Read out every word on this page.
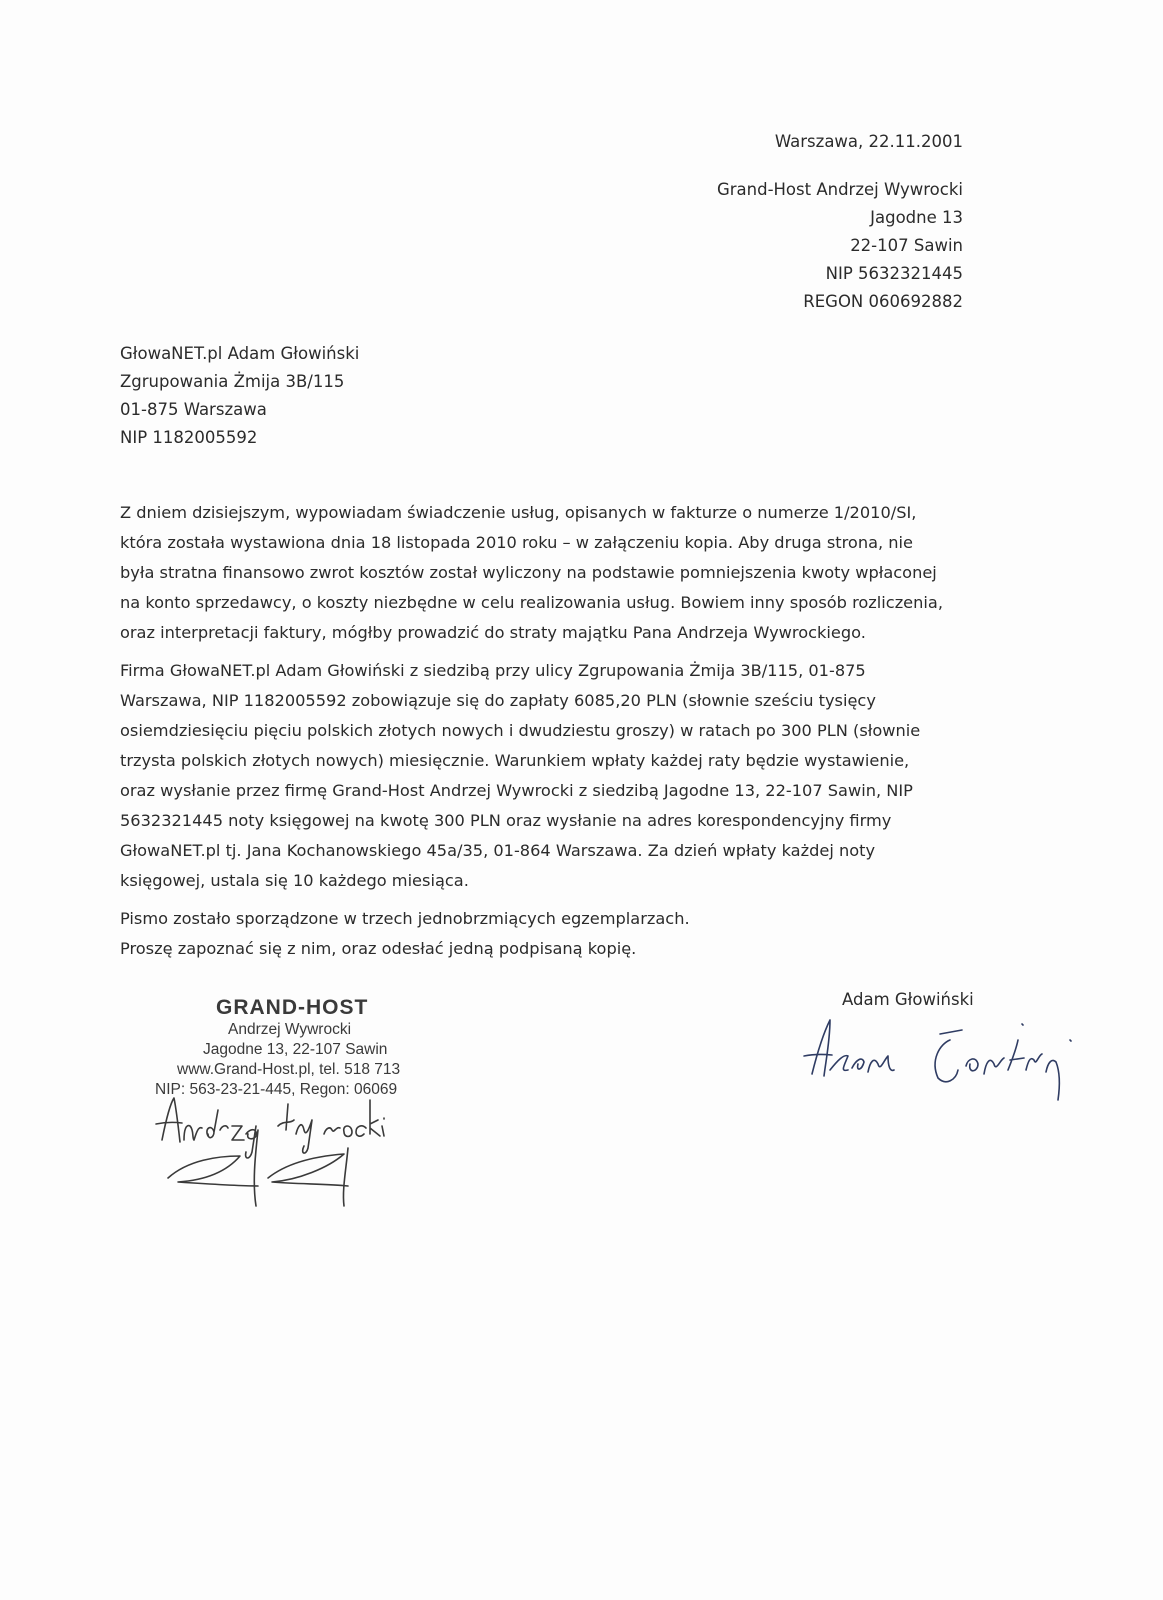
Warszawa, 22.11.2001
Grand-Host Andrzej Wywrocki
Jagodne 13
22-107 Sawin
NIP 5632321445
REGON 060692882
GłowaNET.pl Adam Głowiński
Zgrupowania Żmija 3B/115
01-875 Warszawa
NIP 1182005592
Z dniem dzisiejszym, wypowiadam świadczenie usług, opisanych w fakturze o numerze 1/2010/SI,
która została wystawiona dnia 18 listopada 2010 roku – w załączeniu kopia. Aby druga strona, nie
była stratna finansowo zwrot kosztów został wyliczony na podstawie pomniejszenia kwoty wpłaconej
na konto sprzedawcy, o koszty niezbędne w celu realizowania usług. Bowiem inny sposób rozliczenia,
oraz interpretacji faktury, mógłby prowadzić do straty majątku Pana Andrzeja Wywrockiego.
Firma GłowaNET.pl Adam Głowiński z siedzibą przy ulicy Zgrupowania Żmija 3B/115, 01-875
Warszawa, NIP 1182005592 zobowiązuje się do zapłaty 6085,20 PLN (słownie sześciu tysięcy
osiemdziesięciu pięciu polskich złotych nowych i dwudziestu groszy) w ratach po 300 PLN (słownie
trzysta polskich złotych nowych) miesięcznie. Warunkiem wpłaty każdej raty będzie wystawienie,
oraz wysłanie przez firmę Grand-Host Andrzej Wywrocki z siedzibą Jagodne 13, 22-107 Sawin, NIP
5632321445 noty księgowej na kwotę 300 PLN oraz wysłanie na adres korespondencyjny firmy
GłowaNET.pl tj. Jana Kochanowskiego 45a/35, 01-864 Warszawa. Za dzień wpłaty każdej noty
księgowej, ustala się 10 każdego miesiąca.
Pismo zostało sporządzone w trzech jednobrzmiących egzemplarzach.
Proszę zapoznać się z nim, oraz odesłać jedną podpisaną kopię.
Adam Głowiński
GRAND-HOST
Andrzej Wywrocki
Jagodne 13, 22-107 Sawin
www.Grand-Host.pl, tel. 518 713
NIP: 563-23-21-445, Regon: 06069
